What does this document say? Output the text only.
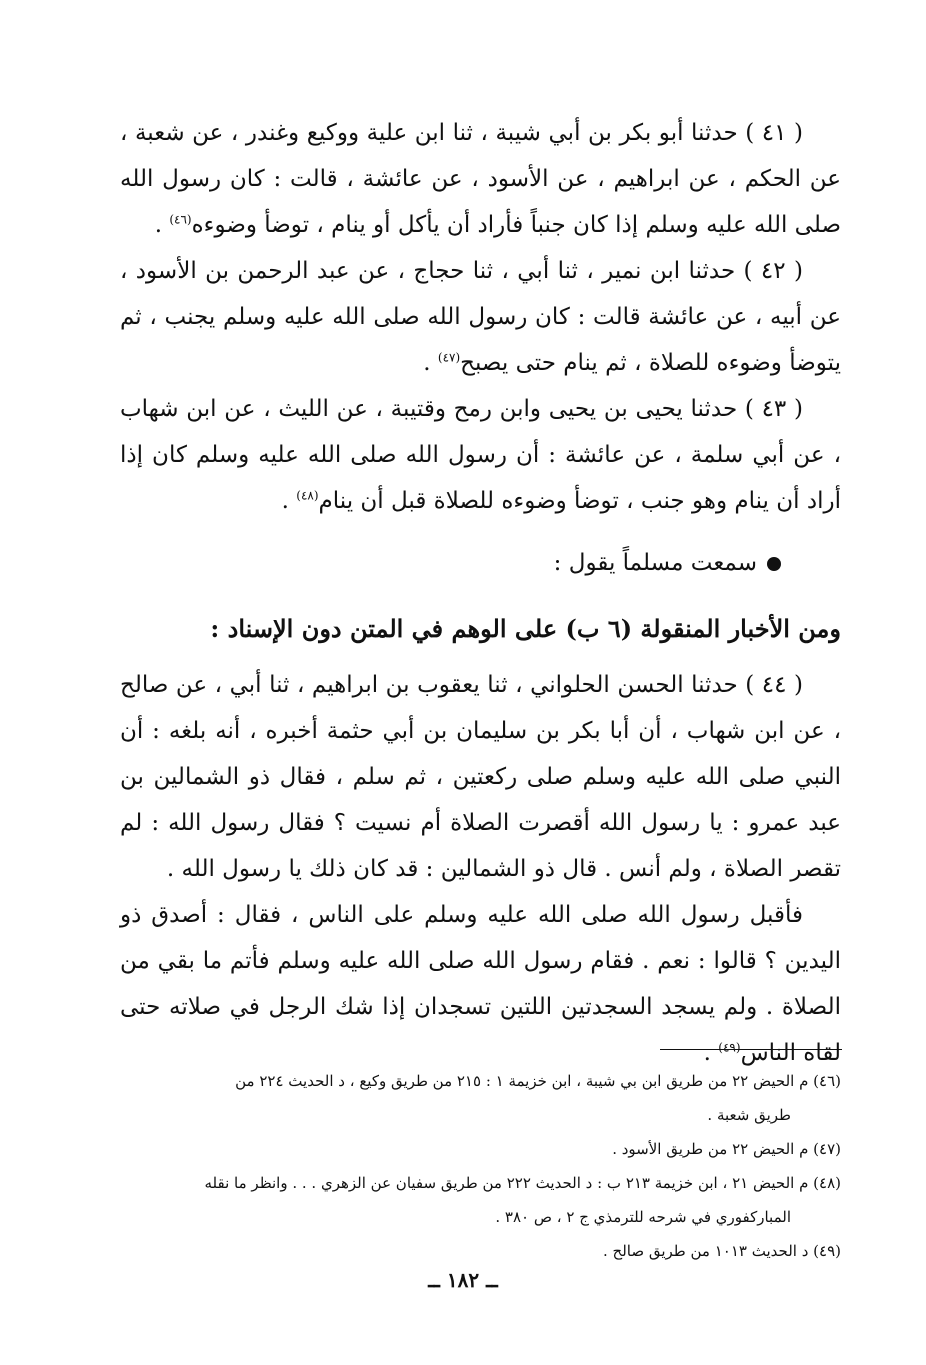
( ٤١ ) حدثنا أبو بكر بن أبي شيبة ، ثنا ابن علية ووكيع وغندر ، عن شعبة ، عن الحكم ، عن ابراهيم ، عن الأسود ، عن عائشة ، قالت : كان رسول الله صلى الله عليه وسلم إذا كان جنباً فأراد أن يأكل أو ينام ، توضأ وضوءه$^{(٤٦)}$ .

( ٤٢ ) حدثنا ابن نمير ، ثنا أبي ، ثنا حجاج ، عن عبد الرحمن بن الأسود ، عن أبيه ، عن عائشة قالت : كان رسول الله صلى الله عليه وسلم يجنب ، ثم يتوضأ وضوءه للصلاة ، ثم ينام حتى يصبح$^{(٤٧)}$ .

( ٤٣ ) حدثنا يحيى بن يحيى وابن رمح وقتيبة ، عن الليث ، عن ابن شهاب ، عن أبي سلمة ، عن عائشة : أن رسول الله صلى الله عليه وسلم كان إذا أراد أن ينام وهو جنب ، توضأ وضوءه للصلاة قبل أن ينام$^{(٤٨)}$ .

سمعت مسلماً يقول :

ومن الأخبار المنقولة (٦ ب) على الوهم في المتن دون الإسناد :

( ٤٤ ) حدثنا الحسن الحلواني ، ثنا يعقوب بن ابراهيم ، ثنا أبي ، عن صالح ، عن ابن شهاب ، أن أبا بكر بن سليمان بن أبي حثمة أخبره ، أنه بلغه : أن النبي صلى الله عليه وسلم صلى ركعتين ، ثم سلم ، فقال ذو الشمالين بن عبد عمرو : يا رسول الله أقصرت الصلاة أم نسيت ؟ فقال رسول الله : لم تقصر الصلاة ، ولم أنس . قال ذو الشمالين : قد كان ذلك يا رسول الله .

فأقبل رسول الله صلى الله عليه وسلم على الناس ، فقال : أصدق ذو اليدين ؟ قالوا : نعم . فقام رسول الله صلى الله عليه وسلم فأتم ما بقي من الصلاة . ولم يسجد السجدتين اللتين تسجدان إذا شك الرجل في صلاته حتى لقاه الناس$^{(٤٩)}$ .

(٤٦) م الحيض ٢٢ من طريق ابن بي شيبة ، ابن خزيمة ١ : ٢١٥ من طريق وكيع ، د الحديث ٢٢٤ من

طريق شعبة .

(٤٧) م الحيض ٢٢ من طريق الأسود .

(٤٨) م الحيض ٢١ ، ابن خزيمة ٢١٣ ب : د الحديث ٢٢٢ من طريق سفيان عن الزهري . . . وانظر ما نقله

المباركفوري في شرحه للترمذي ج ٢ ، ص ٣٨٠ .

(٤٩) د الحديث ١٠١٣ من طريق صالح .

ــ ١٨٢ ــ
